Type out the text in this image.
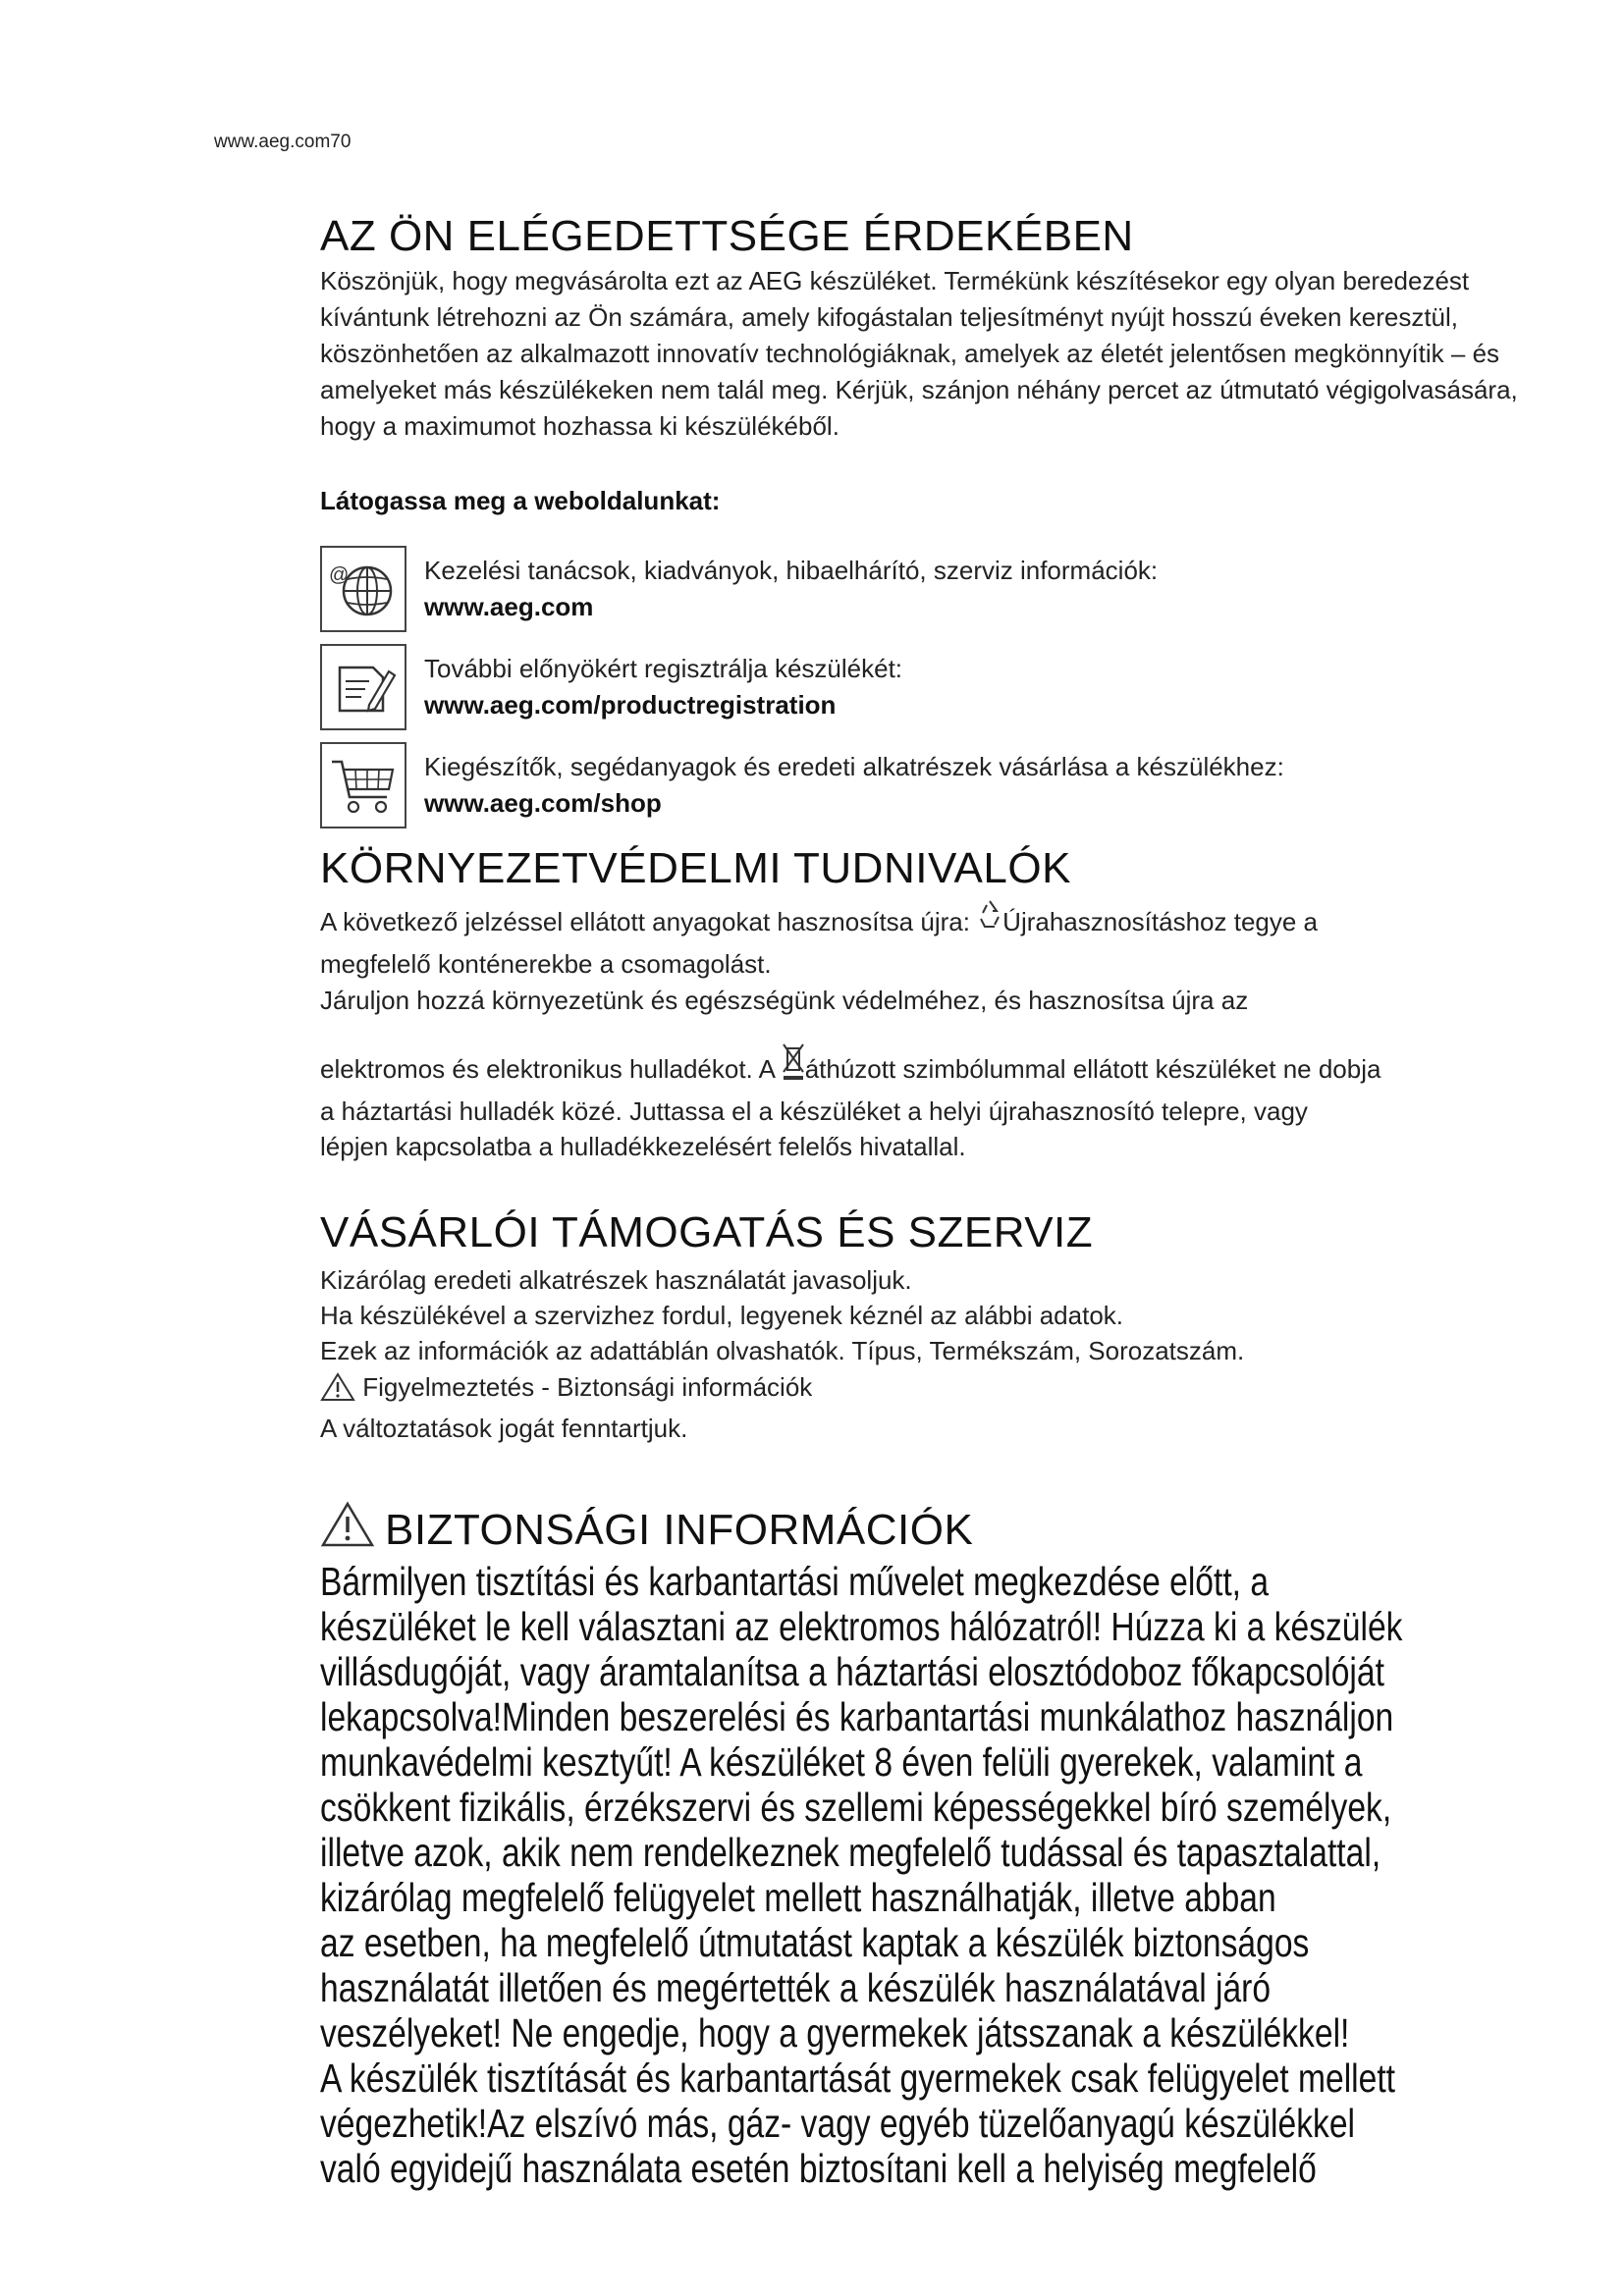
www.aeg.com70
AZ ÖN ELÉGEDETTSÉGE ÉRDEKÉBEN

Köszönjük, hogy megvásárolta ezt az AEG készüléket. Termékünk készítésekor egy olyan beredezést kívántunk létrehozni az Ön számára, amely kifogástalan teljesítményt nyújt hosszú éveken keresztül, köszönhetően az alkalmazott innovatív technológiáknak, amelyek az életét jelentősen megkönnyítik – és amelyeket más készülékeken nem talál meg. Kérjük, szánjon néhány percet az útmutató végigolvasására, hogy a maximumot hozhassa ki készülékéből.

Látogassa meg a weboldalunkat:
@	Kezelési tanácsok, kiadványok, hibaelhárító, szerviz információk:
www.aeg.com
További előnyökért regisztrálja készülékét:
www.aeg.com/productregistration
Kiegészítők, segédanyagok és eredeti alkatrészek vásárlása a készülékhez:
www.aeg.com/shop
KÖRNYEZETVÉDELMI TUDNIVALÓK
A következő jelzéssel ellátott anyagokat hasznosítsa újra: Újrahasznosításhoz tegye a
megfelelő konténerekbe a csomagolást.
Járuljon hozzá környezetünk és egészségünk védelméhez, és hasznosítsa újra az
elektromos és elektronikus hulladékot. A áthúzott szimbólummal ellátott készüléket ne dobja
a háztartási hulladék közé. Juttassa el a készüléket a helyi újrahasznosító telepre, vagy
lépjen kapcsolatba a hulladékkezelésért felelős hivatallal.
VÁSÁRLÓI TÁMOGATÁS ÉS SZERVIZ
Kizárólag eredeti alkatrészek használatát javasoljuk.
Ha készülékével a szervizhez fordul, legyenek kéznél az alábbi adatok.
Ezek az információk az adattáblán olvashatók. Típus, Termékszám, Sorozatszám.
Figyelmeztetés - Biztonsági információk
A változtatások jogát fenntartjuk.
BIZTONSÁGI INFORMÁCIÓK
Bármilyen tisztítási és karbantartási művelet megkezdése előtt, a
készüléket le kell választani az elektromos hálózatról! Húzza ki a készülék
villásdugóját, vagy áramtalanítsa a háztartási elosztódoboz főkapcsolóját
lekapcsolva!Minden beszerelési és karbantartási munkálathoz használjon
munkavédelmi kesztyűt! A készüléket 8 éven felüli gyerekek, valamint a
csökkent fizikális, érzékszervi és szellemi képességekkel bíró személyek,
illetve azok, akik nem rendelkeznek megfelelő tudással és tapasztalattal,
kizárólag megfelelő felügyelet mellett használhatják, illetve abban
az esetben, ha megfelelő útmutatást kaptak a készülék biztonságos
használatát illetően és megértették a készülék használatával járó
veszélyeket! Ne engedje, hogy a gyermekek játsszanak a készülékkel!
A készülék tisztítását és karbantartását gyermekek csak felügyelet mellett
végezhetik!Az elszívó más, gáz- vagy egyéb tüzelőanyagú készülékkel
való egyidejű használata esetén biztosítani kell a helyiség megfelelő
